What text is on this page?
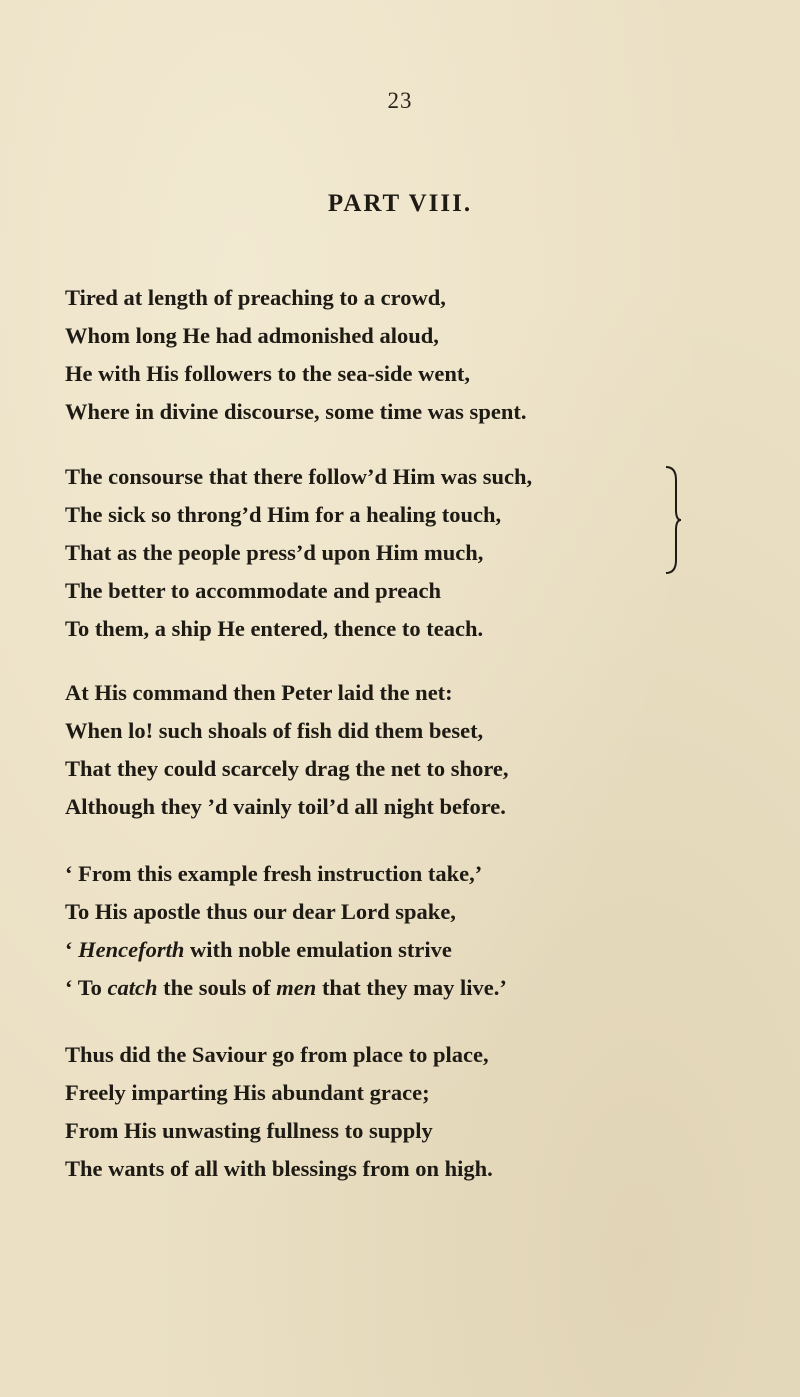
23
PART VIII.
Tired at length of preaching to a crowd,
Whom long He had admonished aloud,
He with His followers to the sea-side went,
Where in divine discourse, some time was spent.
The consourse that there follow’d Him was such,
The sick so throng’d Him for a healing touch,
That as the people press’d upon Him much,
The better to accommodate and preach
To them, a ship He entered, thence to teach.
At His command then Peter laid the net:
When lo! such shoals of fish did them beset,
That they could scarcely drag the net to shore,
Although they ’d vainly toil’d all night before.
‘ From this example fresh instruction take,’
To His apostle thus our dear Lord spake,
‘ Henceforth with noble emulation strive
‘ To catch the souls of men that they may live.’
Thus did the Saviour go from place to place,
Freely imparting His abundant grace;
From His unwasting fullness to supply
The wants of all with blessings from on high.
